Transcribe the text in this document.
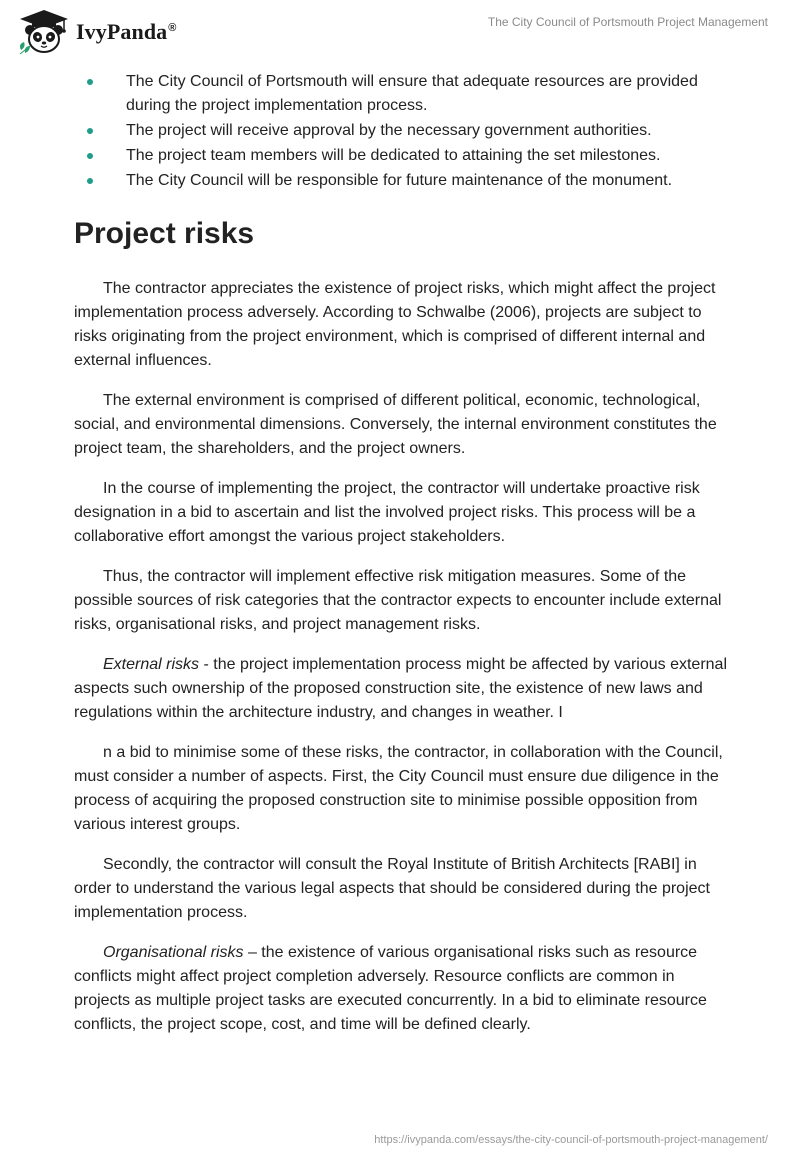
IvyPanda®	The City Council of Portsmouth Project Management
The City Council of Portsmouth will ensure that adequate resources are provided during the project implementation process.
The project will receive approval by the necessary government authorities.
The project team members will be dedicated to attaining the set milestones.
The City Council will be responsible for future maintenance of the monument.
Project risks

The contractor appreciates the existence of project risks, which might affect the project implementation process adversely. According to Schwalbe (2006), projects are subject to risks originating from the project environment, which is comprised of different internal and external influences.

The external environment is comprised of different political, economic, technological, social, and environmental dimensions. Conversely, the internal environment constitutes the project team, the shareholders, and the project owners.

In the course of implementing the project, the contractor will undertake proactive risk designation in a bid to ascertain and list the involved project risks. This process will be a collaborative effort amongst the various project stakeholders.

Thus, the contractor will implement effective risk mitigation measures. Some of the possible sources of risk categories that the contractor expects to encounter include external risks, organisational risks, and project management risks.

External risks - the project implementation process might be affected by various external aspects such ownership of the proposed construction site, the existence of new laws and regulations within the architecture industry, and changes in weather. I

n a bid to minimise some of these risks, the contractor, in collaboration with the Council, must consider a number of aspects. First, the City Council must ensure due diligence in the process of acquiring the proposed construction site to minimise possible opposition from various interest groups.

Secondly, the contractor will consult the Royal Institute of British Architects [RABI] in order to understand the various legal aspects that should be considered during the project implementation process.

Organisational risks – the existence of various organisational risks such as resource conflicts might affect project completion adversely. Resource conflicts are common in projects as multiple project tasks are executed concurrently. In a bid to eliminate resource conflicts, the project scope, cost, and time will be defined clearly.

https://ivypanda.com/essays/the-city-council-of-portsmouth-project-management/
